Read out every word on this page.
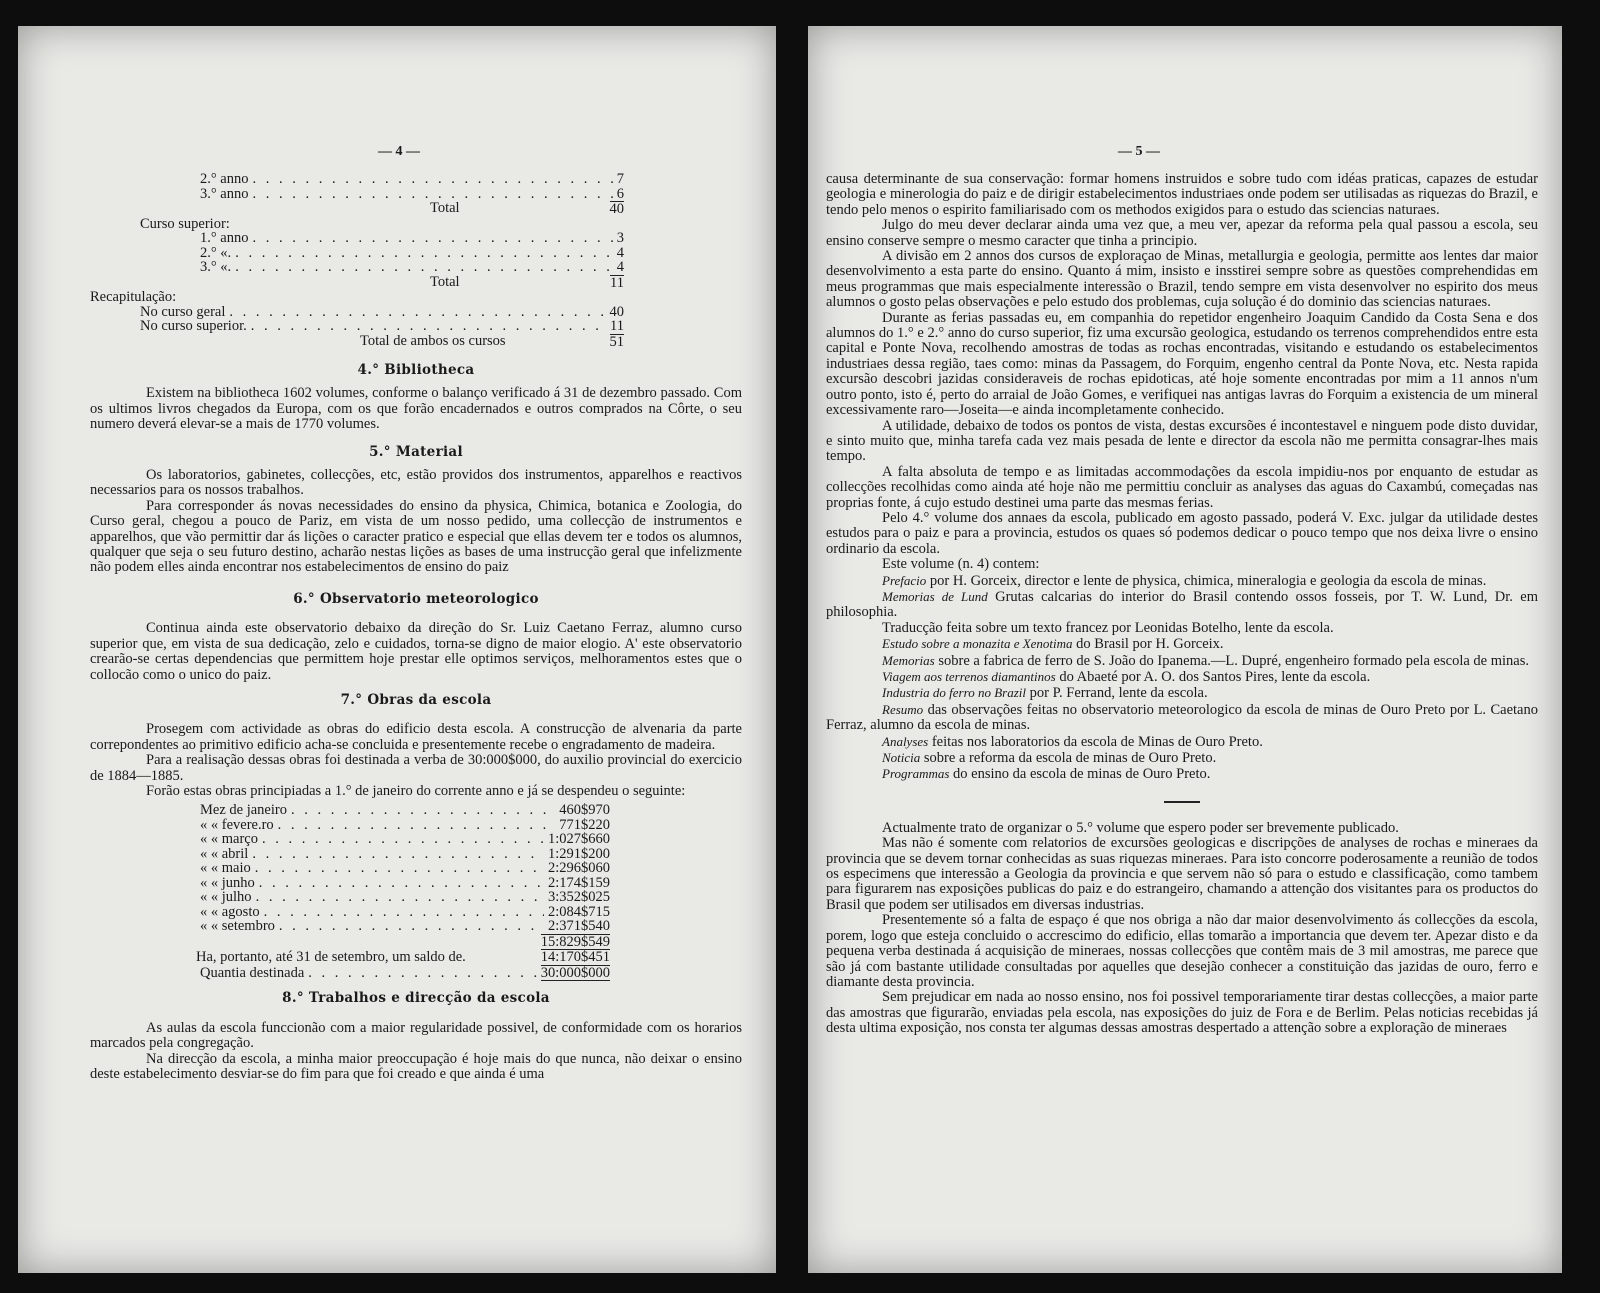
— 4 —
2.° anno . . .	7
3.° anno . . .	6
Total	40
Curso superior:
1.° anno . . .	3
2.° «. . . .	4
3.° «. . . .	4
Total	11
Recapitulação:
No curso geral . . .	40
No curso superior. . . .	11
Total de ambos os cursos	51
4.° Bibliotheca

Existem na bibliotheca 1602 volumes, conforme o balanço verificado á 31 de dezembro passado. Com os ultimos livros chegados da Europa, com os que forão encadernados e outros comprados na Côrte, o seu numero deverá elevar-se a mais de 1770 volumes.

5.° Material

Os laboratorios, gabinetes, collecções, etc, estão providos dos instrumentos, apparelhos e reactivos necessarios para os nossos trabalhos.

Para corresponder ás novas necessidades do ensino da physica, Chimica, botanica e Zoologia, do Curso geral, chegou a pouco de Pariz, em vista de um nosso pedido, uma collecção de instrumentos e apparelhos, que vão permittir dar ás lições o caracter pratico e especial que ellas devem ter e todos os alumnos, qualquer que seja o seu futuro destino, acharão nestas lições as bases de uma instrucção geral que infelizmente não podem elles ainda encontrar nos estabelecimentos de ensino do paiz

6.° Observatorio meteorologico

Continua ainda este observatorio debaixo da direção do Sr. Luiz Caetano Ferraz, alumno curso superior que, em vista de sua dedicação, zelo e cuidados, torna-se digno de maior elogio. A' este observatorio crearão-se certas dependencias que permittem hoje prestar elle optimos serviços, melhoramentos estes que o collocão como o unico do paiz.

7.° Obras da escola

Prosegem com actividade as obras do edificio desta escola. A construcção de alvenaria da parte correpondentes ao primitivo edificio acha-se concluida e presentemente recebe o engradamento de madeira.

Para a realisação dessas obras foi destinada a verba de 30:000$000, do auxilio provincial do exercicio de 1884—1885.

Forão estas obras principiadas a 1.° de janeiro do corrente anno e já se despendeu o seguinte:

Mez de janeiro . . .	460$970
« « fevere.ro . . .	771$220
« « março . . .	1:027$660
« « abril . . .	1:291$200
« « maio . . .	2:296$060
« « junho . . .	2:174$159
« « julho . . .	3:352$025
« « agosto . . .	2:084$715
« « setembro . . .	2:371$540
15:829$549
Ha, portanto, até 31 de setembro, um saldo de.	14:170$451
Quantia destinada . . .	30:000$000
8.° Trabalhos e direcção da escola

As aulas da escola funccionão com a maior regularidade possivel, de conformidade com os horarios marcados pela congregação.

Na direcção da escola, a minha maior preoccupação é hoje mais do que nunca, não deixar o ensino deste estabelecimento desviar-se do fim para que foi creado e que ainda é uma

— 5 —

causa determinante de sua conservação: formar homens instruidos e sobre tudo com idéas praticas, capazes de estudar geologia e minerologia do paiz e de dirigir estabelecimentos industriaes onde podem ser utilisadas as riquezas do Brazil, e tendo pelo menos o espirito familiarisado com os methodos exigidos para o estudo das sciencias naturaes.

Julgo do meu dever declarar ainda uma vez que, a meu ver, apezar da reforma pela qual passou a escola, seu ensino conserve sempre o mesmo caracter que tinha a principio.

A divisão em 2 annos dos cursos de exploraçao de Minas, metallurgia e geologia, permitte aos lentes dar maior desenvolvimento a esta parte do ensino. Quanto á mim, insisto e insstirei sempre sobre as questões comprehendidas em meus programmas que mais especialmente interessão o Brazil, tendo sempre em vista desenvolver no espirito dos meus alumnos o gosto pelas observações e pelo estudo dos problemas, cuja solução é do dominio das sciencias naturaes.

Durante as ferias passadas eu, em companhia do repetidor engenheiro Joaquim Candido da Costa Sena e dos alumnos do 1.° e 2.° anno do curso superior, fiz uma excursão geologica, estudando os terrenos comprehendidos entre esta capital e Ponte Nova, recolhendo amostras de todas as rochas encontradas, visitando e estudando os estabelecimentos industriaes dessa região, taes como: minas da Passagem, do Forquim, engenho central da Ponte Nova, etc. Nesta rapida excursão descobri jazidas consideraveis de rochas epidoticas, até hoje somente encontradas por mim a 11 annos n'um outro ponto, isto é, perto do arraial de João Gomes, e verifiquei nas antigas lavras do Forquim a existencia de um mineral excessivamente raro—Joseita—e ainda incompletamente conhecido.

A utilidade, debaixo de todos os pontos de vista, destas excursões é incontestavel e ninguem pode disto duvidar, e sinto muito que, minha tarefa cada vez mais pesada de lente e director da escola não me permitta consagrar-lhes mais tempo.

A falta absoluta de tempo e as limitadas accommodações da escola impidiu-nos por enquanto de estudar as collecções recolhidas como ainda até hoje não me permittiu concluir as analyses das aguas do Caxambú, começadas nas proprias fonte, á cujo estudo destinei uma parte das mesmas ferias.

Pelo 4.° volume dos annaes da escola, publicado em agosto passado, poderá V. Exc. julgar da utilidade destes estudos para o paiz e para a provincia, estudos os quaes só podemos dedicar o pouco tempo que nos deixa livre o ensino ordinario da escola.

Este volume (n. 4) contem:

Prefacio por H. Gorceix, director e lente de physica, chimica, mineralogia e geologia da escola de minas.

Memorias de Lund Grutas calcarias do interior do Brasil contendo ossos fosseis, por T. W. Lund, Dr. em philosophia.

Traducção feita sobre um texto francez por Leonidas Botelho, lente da escola.

Estudo sobre a monazita e Xenotima do Brasil por H. Gorceix.

Memorias sobre a fabrica de ferro de S. João do Ipanema.—L. Dupré, engenheiro formado pela escola de minas.

Viagem aos terrenos diamantinos do Abaeté por A. O. dos Santos Pires, lente da escola.

Industria do ferro no Brazil por P. Ferrand, lente da escola.

Resumo das observações feitas no observatorio meteorologico da escola de minas de Ouro Preto por L. Caetano Ferraz, alumno da escola de minas.

Analyses feitas nos laboratorios da escola de Minas de Ouro Preto.

Noticia sobre a reforma da escola de minas de Ouro Preto.

Programmas do ensino da escola de minas de Ouro Preto.

Actualmente trato de organizar o 5.° volume que espero poder ser brevemente publicado.

Mas não é somente com relatorios de excursões geologicas e discripções de analyses de rochas e mineraes da provincia que se devem tornar conhecidas as suas riquezas mineraes. Para isto concorre poderosamente a reunião de todos os especimens que interessão a Geologia da provincia e que servem não só para o estudo e classificação, como tambem para figurarem nas exposições publicas do paiz e do estrangeiro, chamando a attenção dos visitantes para os productos do Brasil que podem ser utilisados em diversas industrias.

Presentemente só a falta de espaço é que nos obriga a não dar maior desenvolvimento ás collecções da escola, porem, logo que esteja concluido o accrescimo do edificio, ellas tomarão a importancia que devem ter. Apezar disto e da pequena verba destinada á acquisição de mineraes, nossas collecções que contêm mais de 3 mil amostras, me parece que são já com bastante utilidade consultadas por aquelles que desejão conhecer a constituição das jazidas de ouro, ferro e diamante desta provincia.

Sem prejudicar em nada ao nosso ensino, nos foi possivel temporariamente tirar destas collecções, a maior parte das amostras que figurarão, enviadas pela escola, nas exposições do juiz de Fora e de Berlim. Pelas noticias recebidas já desta ultima exposição, nos consta ter algumas dessas amostras despertado a attenção sobre a exploração de mineraes
